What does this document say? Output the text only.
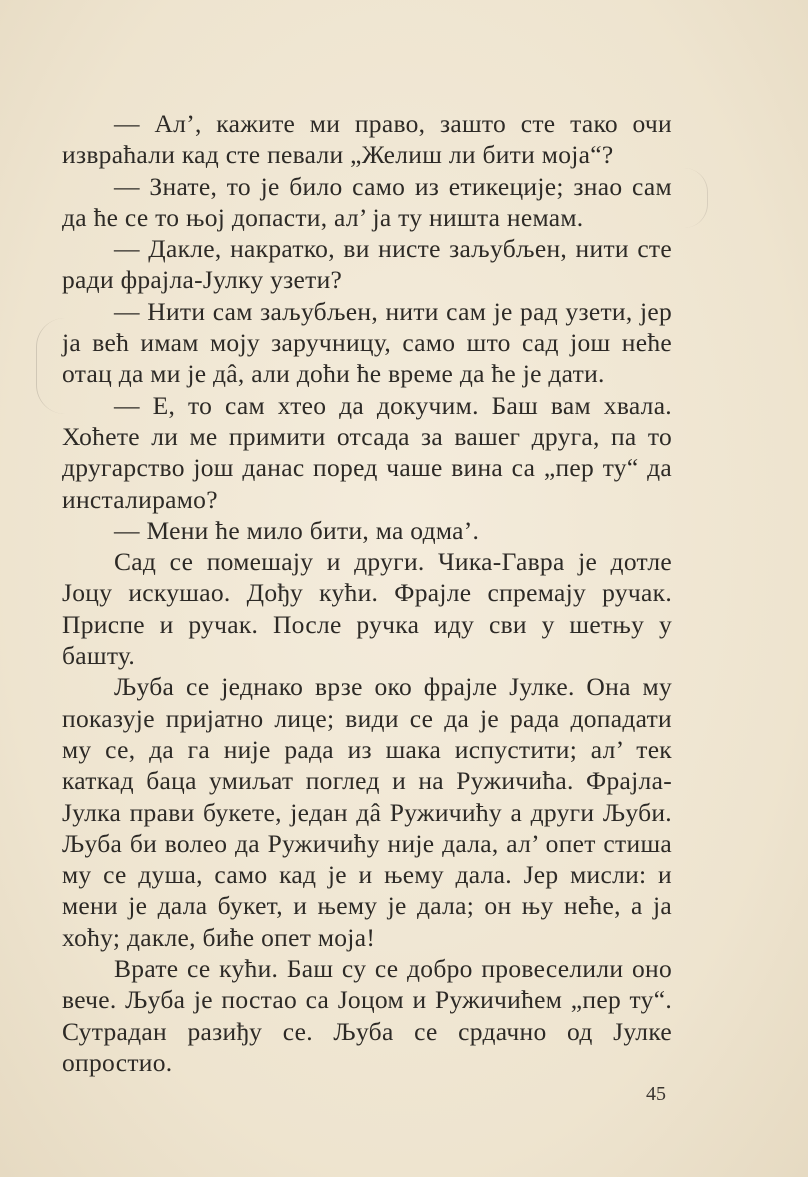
— Ал’, кажите ми право, зашто сте тако очи извраћали кад сте певали „Желиш ли бити моја“?

— Знате, то је било само из етикеције; знао сам да ће се то њој допасти, ал’ ја ту ништа немам.

— Дакле, накратко, ви нисте заљубљен, нити сте ради фрајла-Јулку узети?

— Нити сам заљубљен, нити сам је рад узети, јер ја већ имам моју заручницу, само што сад још неће отац да ми је дâ, али доћи ће време да ће је дати.

— Е, то сам хтео да докучим. Баш вам хвала. Хоћете ли ме примити отсада за вашег друга, па то другарство још данас поред чаше вина са „пер ту“ да инсталирамо?

— Мени ће мило бити, ма одма’.

Сад се помешају и други. Чика-Гавра је дотле Јоцу искушао. Дођу кући. Фрајле спремају ручак. Приспе и ручак. После ручка иду сви у шетњу у башту.

Љуба се једнако врзе око фрајле Јулке. Она му показује пријатно лице; види се да је рада допадати му се, да га није рада из шака испустити; ал’ тек каткад баца умиљат поглед и на Ружичића. Фрајла-Јулка прави букете, један дâ Ружичићу а други Љуби. Љуба би волео да Ружичићу није дала, ал’ опет стиша му се душа, само кад је и њему дала. Јер мисли: и мени је дала букет, и њему је дала; он њу неће, а ја хоћу; дакле, биће опет моја!

Врате се кући. Баш су се добро провеселили оно вече. Љуба је постао са Јоцом и Ружичићем „пер ту“. Сутрадан разиђу се. Љуба се срдачно од Јулке опростио.

45
